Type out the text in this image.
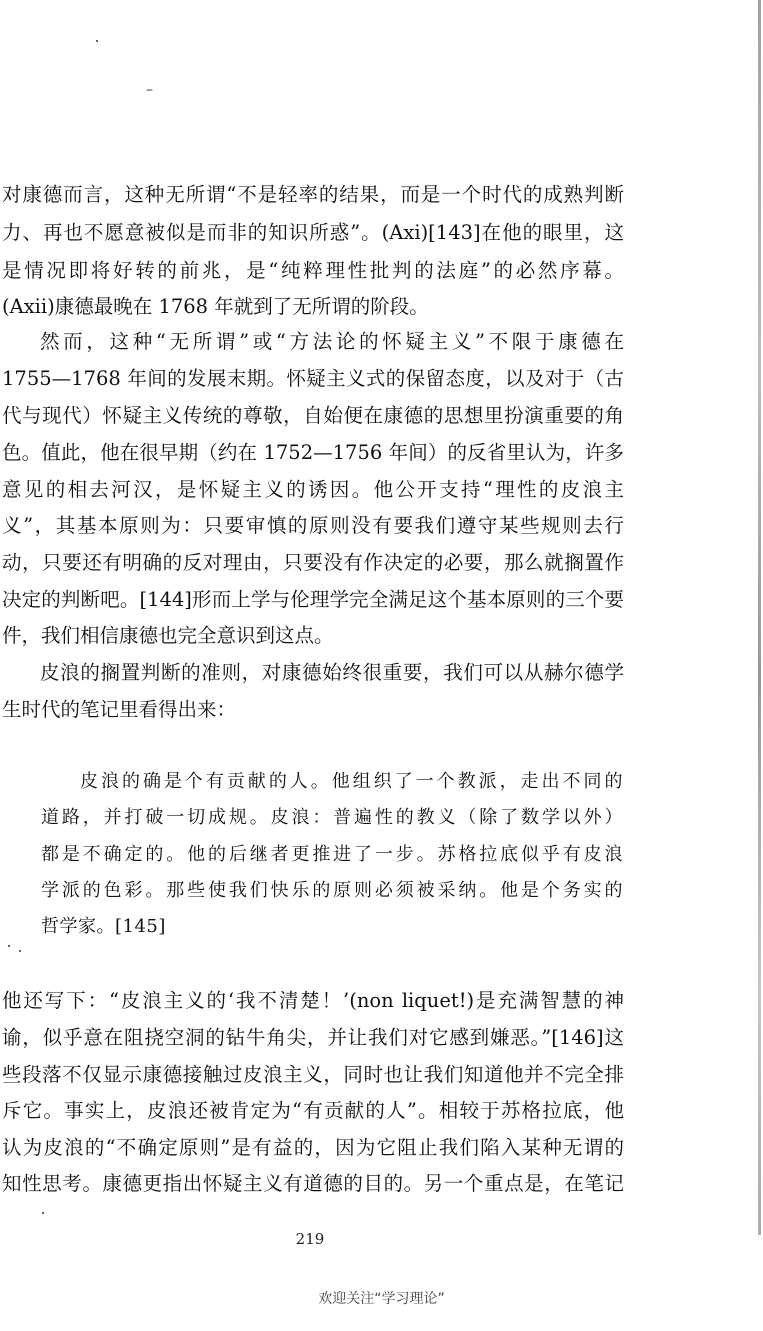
–
对康德而言，这种无所谓“不是轻率的结果，而是一个时代的成熟判断
力、再也不愿意被似是而非的知识所惑”。(Axi)[143]在他的眼里，这
是情况即将好转的前兆，是“纯粹理性批判的法庭”的必然序幕。
(Axii)康德最晚在 1768 年就到了无所谓的阶段。
然而，这种“无所谓”或“方法论的怀疑主义”不限于康德在
1755—1768 年间的发展末期。怀疑主义式的保留态度，以及对于（古
代与现代）怀疑主义传统的尊敬，自始便在康德的思想里扮演重要的角
色。值此，他在很早期（约在 1752—1756 年间）的反省里认为，许多
意见的相去河汉，是怀疑主义的诱因。他公开支持“理性的皮浪主
义”，其基本原则为：只要审慎的原则没有要我们遵守某些规则去行
动，只要还有明确的反对理由，只要没有作决定的必要，那么就搁置作
决定的判断吧。[144]形而上学与伦理学完全满足这个基本原则的三个要
件，我们相信康德也完全意识到这点。
皮浪的搁置判断的准则，对康德始终很重要，我们可以从赫尔德学
生时代的笔记里看得出来：
皮浪的确是个有贡献的人。他组织了一个教派，走出不同的
道路，并打破一切成规。皮浪：普遍性的教义（除了数学以外）
都是不确定的。他的后继者更推进了一步。苏格拉底似乎有皮浪
学派的色彩。那些使我们快乐的原则必须被采纳。他是个务实的
哲学家。[145]
他还写下：“皮浪主义的‘我不清楚！’(non liquet!)是充满智慧的神
谕，似乎意在阻挠空洞的钻牛角尖，并让我们对它感到嫌恶。”[146]这
些段落不仅显示康德接触过皮浪主义，同时也让我们知道他并不完全排
斥它。事实上，皮浪还被肯定为“有贡献的人”。相较于苏格拉底，他
认为皮浪的“不确定原则”是有益的，因为它阻止我们陷入某种无谓的
知性思考。康德更指出怀疑主义有道德的目的。另一个重点是，在笔记
219
欢迎关注“学习理论”
